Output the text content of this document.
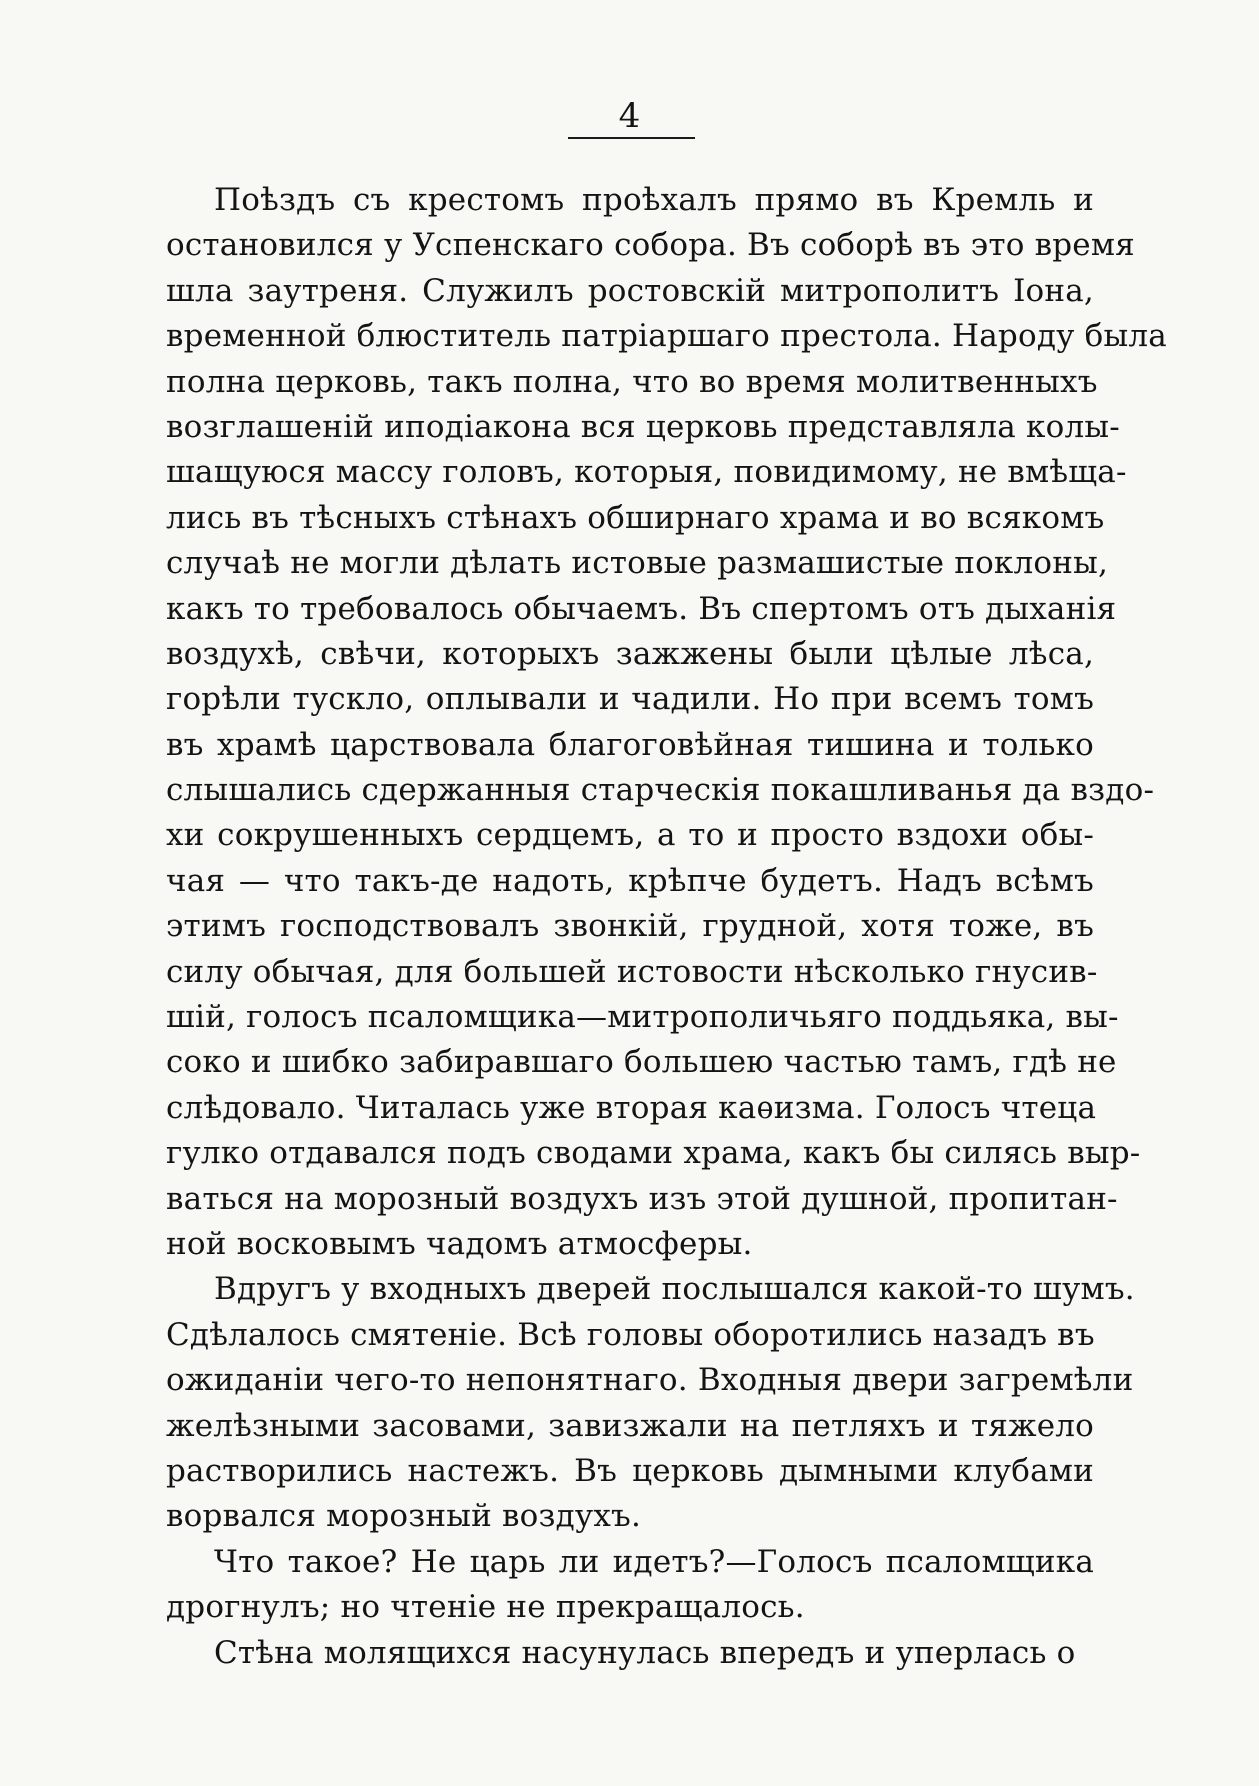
4
Поѣздъ съ крестомъ проѣхалъ прямо въ Кремль и
остановился у Успенскаго собора. Въ соборѣ въ это время
шла заутреня. Служилъ ростовскій митрополитъ Іона,
временной блюститель патріаршаго престола. Народу была
полна церковь, такъ полна, что во время молитвенныхъ
возглашеній иподіакона вся церковь представляла колы-
шащуюся массу головъ, которыя, повидимому, не вмѣща-
лись въ тѣсныхъ стѣнахъ обширнаго храма и во всякомъ
случаѣ не могли дѣлать истовые размашистые поклоны,
какъ то требовалось обычаемъ. Въ спертомъ отъ дыханія
воздухѣ, свѣчи, которыхъ зажжены были цѣлые лѣса,
горѣли тускло, оплывали и чадили. Но при всемъ томъ
въ храмѣ царствовала благоговѣйная тишина и только
слышались сдержанныя старческія покашливанья да вздо-
хи сокрушенныхъ сердцемъ, а то и просто вздохи обы-
чая — что такъ-де надоть, крѣпче будетъ. Надъ всѣмъ
этимъ господствовалъ звонкій, грудной, хотя тоже, въ
силу обычая, для большей истовости нѣсколько гнусив-
шій, голосъ псаломщика—митрополичьяго поддьяка, вы-
соко и шибко забиравшаго большею частью тамъ, гдѣ не
слѣдовало. Читалась уже вторая каѳизма. Голосъ чтеца
гулко отдавался подъ сводами храма, какъ бы силясь выр-
ваться на морозный воздухъ изъ этой душной, пропитан-
ной восковымъ чадомъ атмосферы.
Вдругъ у входныхъ дверей послышался какой-то шумъ.
Сдѣлалось смятеніе. Всѣ головы оборотились назадъ въ
ожиданіи чего-то непонятнаго. Входныя двери загремѣли
желѣзными засовами, завизжали на петляхъ и тяжело
растворились настежъ. Въ церковь дымными клубами
ворвался морозный воздухъ.
Что такое? Не царь ли идетъ?—Голосъ псаломщика
дрогнулъ; но чтеніе не прекращалось.
Стѣна молящихся насунулась впередъ и уперлась о
